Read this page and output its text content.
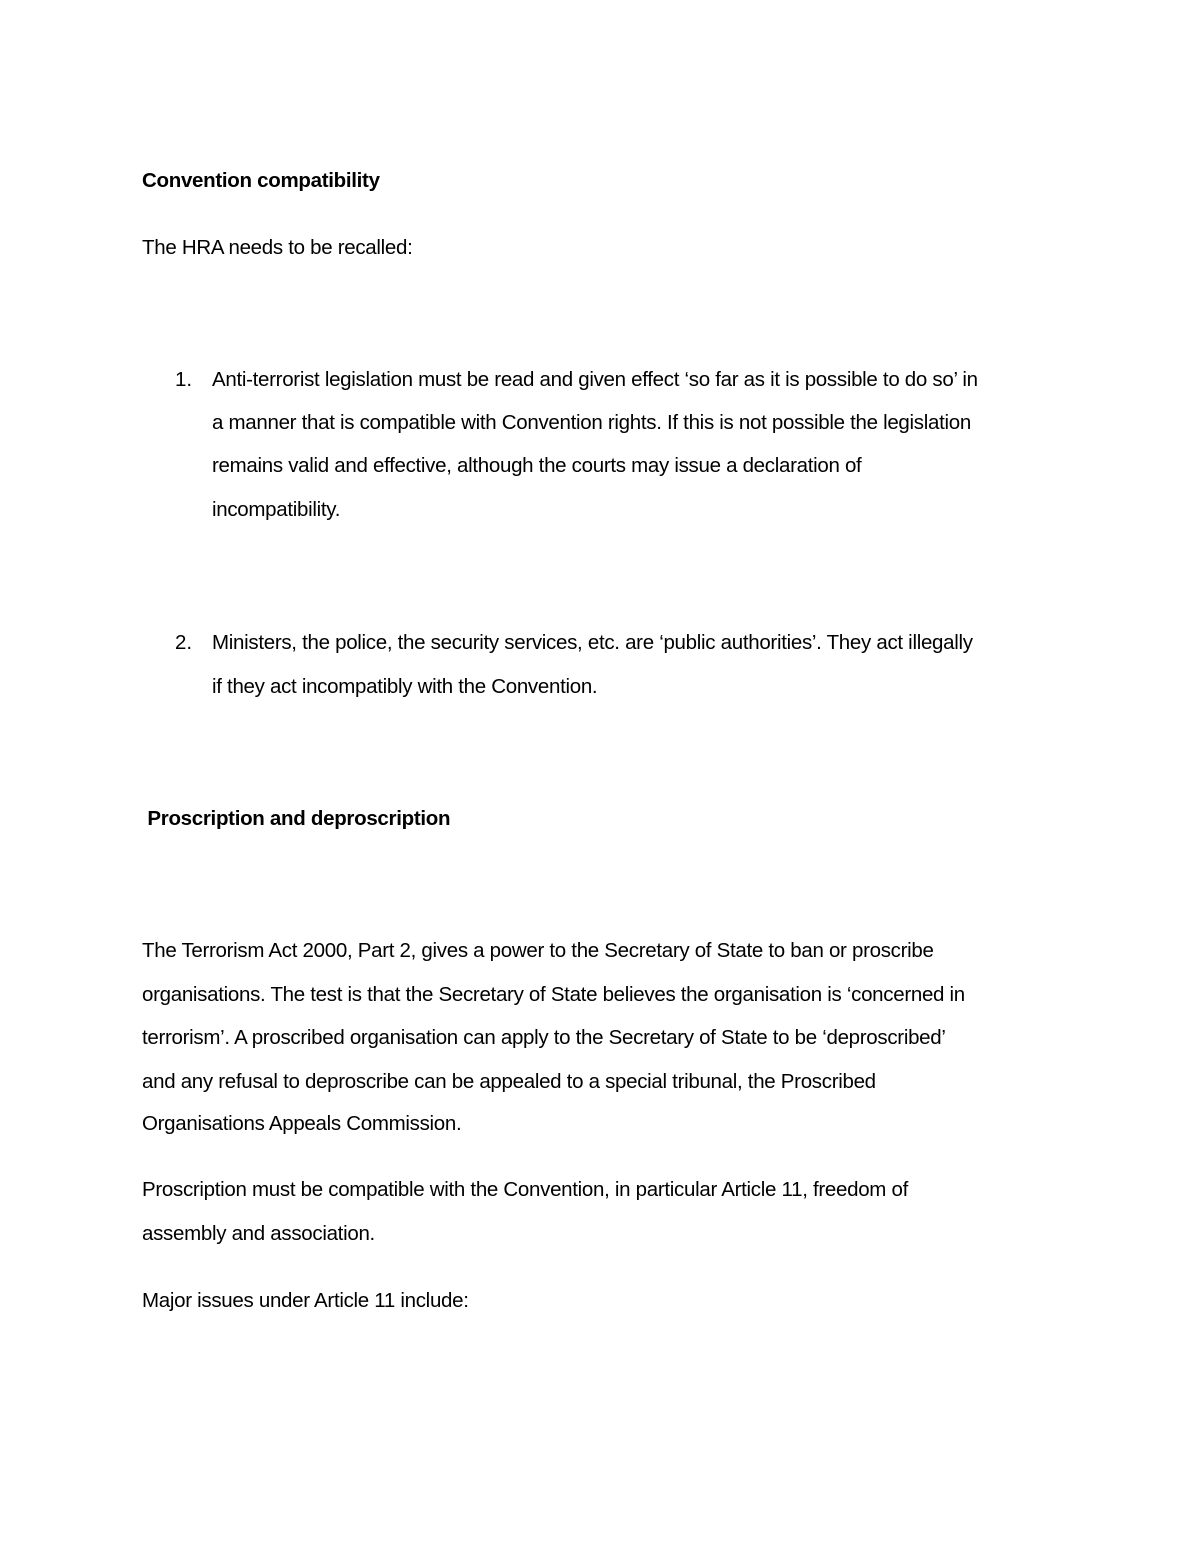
Convention compatibility
The HRA needs to be recalled:
1. Anti-terrorist legislation must be read and given effect ‘so far as it is possible to do so’ in
a manner that is compatible with Convention rights. If this is not possible the legislation
remains valid and effective, although the courts may issue a declaration of
incompatibility.
2. Ministers, the police, the security services, etc. are ‘public authorities’. They act illegally
if they act incompatibly with the Convention.
Proscription and deproscription
The Terrorism Act 2000, Part 2, gives a power to the Secretary of State to ban or proscribe
organisations. The test is that the Secretary of State believes the organisation is ‘concerned in
terrorism’. A proscribed organisation can apply to the Secretary of State to be ‘deproscribed’
and any refusal to deproscribe can be appealed to a special tribunal, the Proscribed
Organisations Appeals Commission.
Proscription must be compatible with the Convention, in particular Article 11, freedom of
assembly and association.
Major issues under Article 11 include:
